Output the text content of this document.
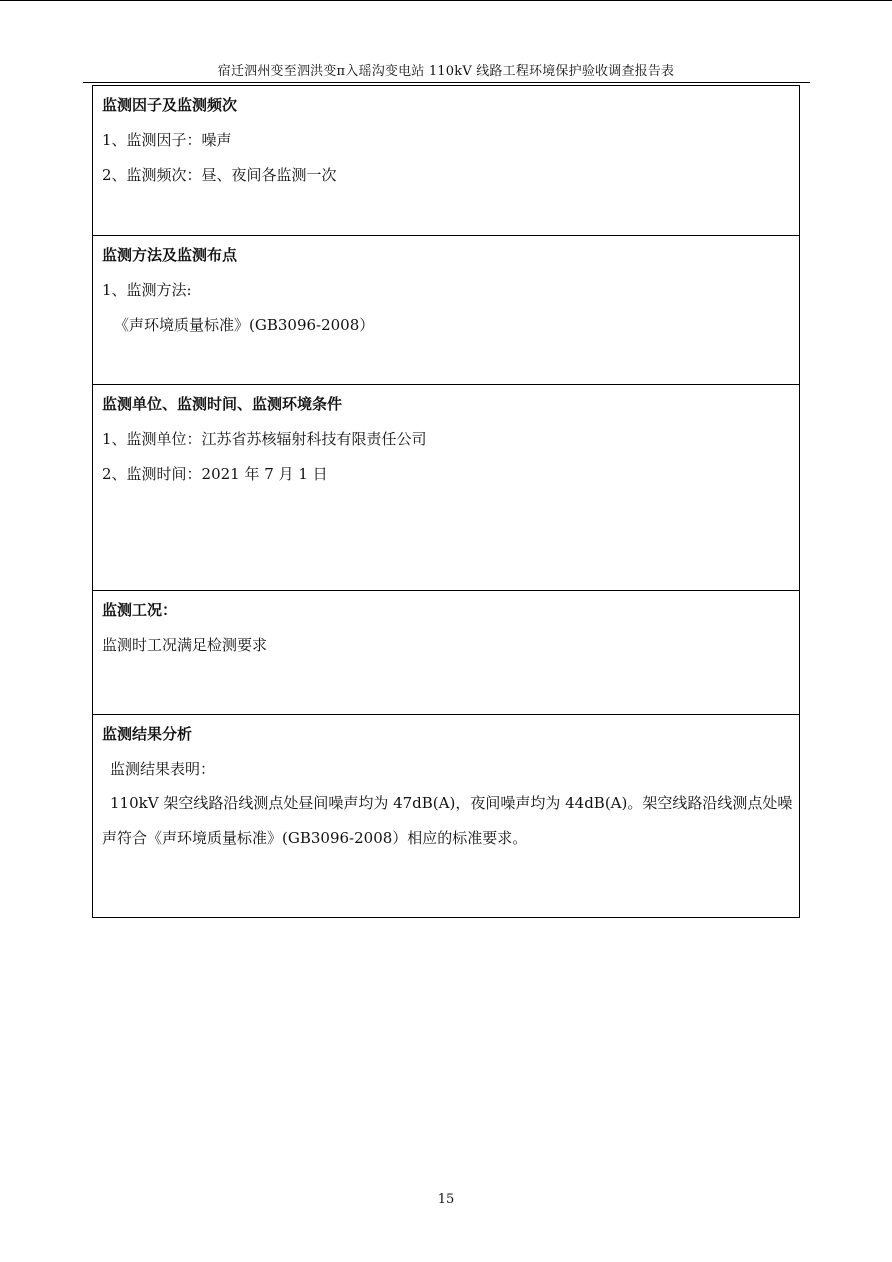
宿迁泗州变至泗洪变π入瑶沟变电站 110kV 线路工程环境保护验收调查报告表
监测因子及监测频次
1、监测因子：噪声
2、监测频次：昼、夜间各监测一次
监测方法及监测布点
1、监测方法:
《声环境质量标准》(GB3096-2008）
监测单位、监测时间、监测环境条件
1、监测单位：江苏省苏核辐射科技有限责任公司
2、监测时间：2021 年 7 月 1 日
监测工况：
监测时工况满足检测要求
监测结果分析
监测结果表明：
110kV 架空线路沿线测点处昼间噪声均为 47dB(A)，夜间噪声均为 44dB(A)。架空线路沿线测点处噪声符合《声环境质量标准》(GB3096-2008）相应的标准要求。
15
